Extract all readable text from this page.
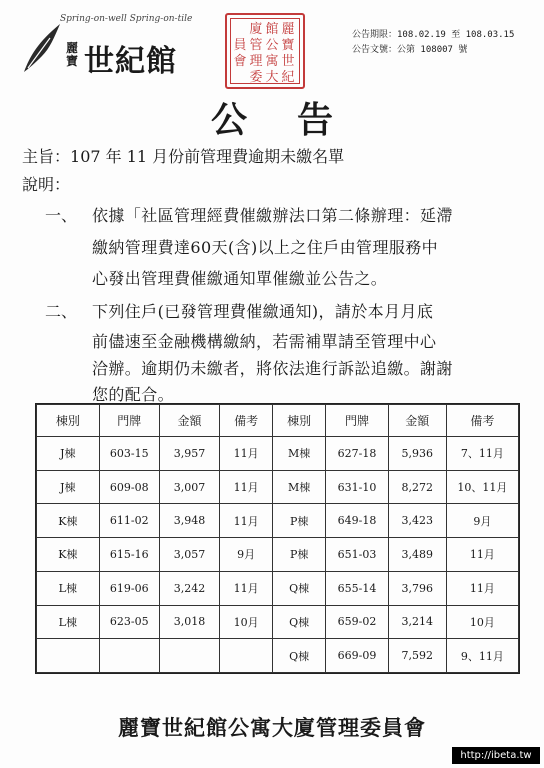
Spring-on-well Spring-on-tile
麗寶 世紀館
麗
寶
世
紀
館
公
寓
大
廈
管
理
委
員
會
公告期限：108.02.19 至 108.03.15
公告文號：公第 108007 號
公告
主旨：107 年 11 月份前管理費逾期未繳名單
說明：
一、 依據「社區管理經費催繳辦法口第二條辦理：延滯
繳納管理費達60天(含)以上之住戶由管理服務中
心發出管理費催繳通知單催繳並公告之。
二、 下列住戶(已發管理費催繳通知)，請於本月月底
前儘速至金融機構繳納，若需補單請至管理中心
洽辦。逾期仍未繳者，將依法進行訴訟追繳。謝謝
您的配合。
棟別	門牌	金額	備考	棟別	門牌	金額	備考
J棟	603-15	3,957	11月	M棟	627-18	5,936	7、11月
J棟	609-08	3,007	11月	M棟	631-10	8,272	10、11月
K棟	611-02	3,948	11月	P棟	649-18	3,423	9月
K棟	615-16	3,057	9月	P棟	651-03	3,489	11月
L棟	619-06	3,242	11月	Q棟	655-14	3,796	11月
L棟	623-05	3,018	10月	Q棟	659-02	3,214	10月
				Q棟	669-09	7,592	9、11月
麗寶世紀館公寓大廈管理委員會
http://ibeta.tw
